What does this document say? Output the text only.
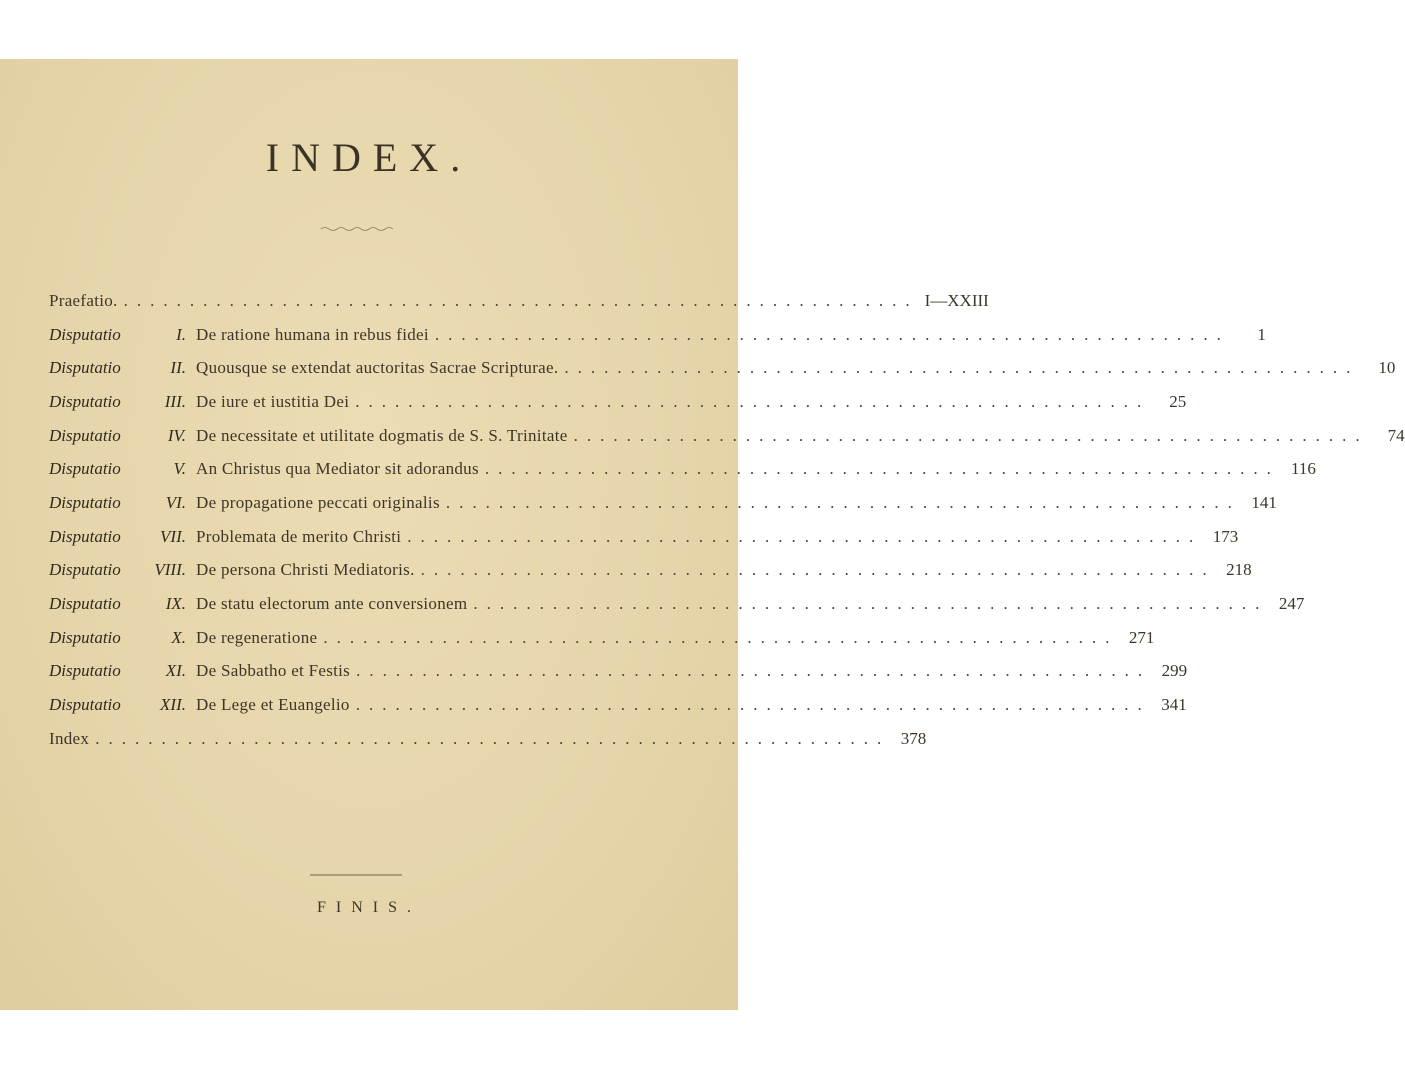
INDEX.
Praefatio. ............................................................ I—XXIII
Disputatio	I. De ratione humana in rebus fidei ............................................................	1
Disputatio	II. Quousque se extendat auctoritas Sacrae Scripturae. ............................................................	10
Disputatio	III. De iure et iustitia Dei ............................................................	25
Disputatio	IV. De necessitate et utilitate dogmatis de S. S. Trinitate ............................................................	74
Disputatio	V. An Christus qua Mediator sit adorandus ............................................................ 116
Disputatio	VI. De propagatione peccati originalis ............................................................ 141
Disputatio	VII. Problemata de merito Christi ............................................................ 173
Disputatio	VIII. De persona Christi Mediatoris. ............................................................ 218
Disputatio	IX. De statu electorum ante conversionem ............................................................ 247
Disputatio	X. De regeneratione ............................................................ 271
Disputatio	XI. De Sabbatho et Festis ............................................................ 299
Disputatio	XII. De Lege et Euangelio ............................................................ 341
Index ............................................................ 378
FINIS.
